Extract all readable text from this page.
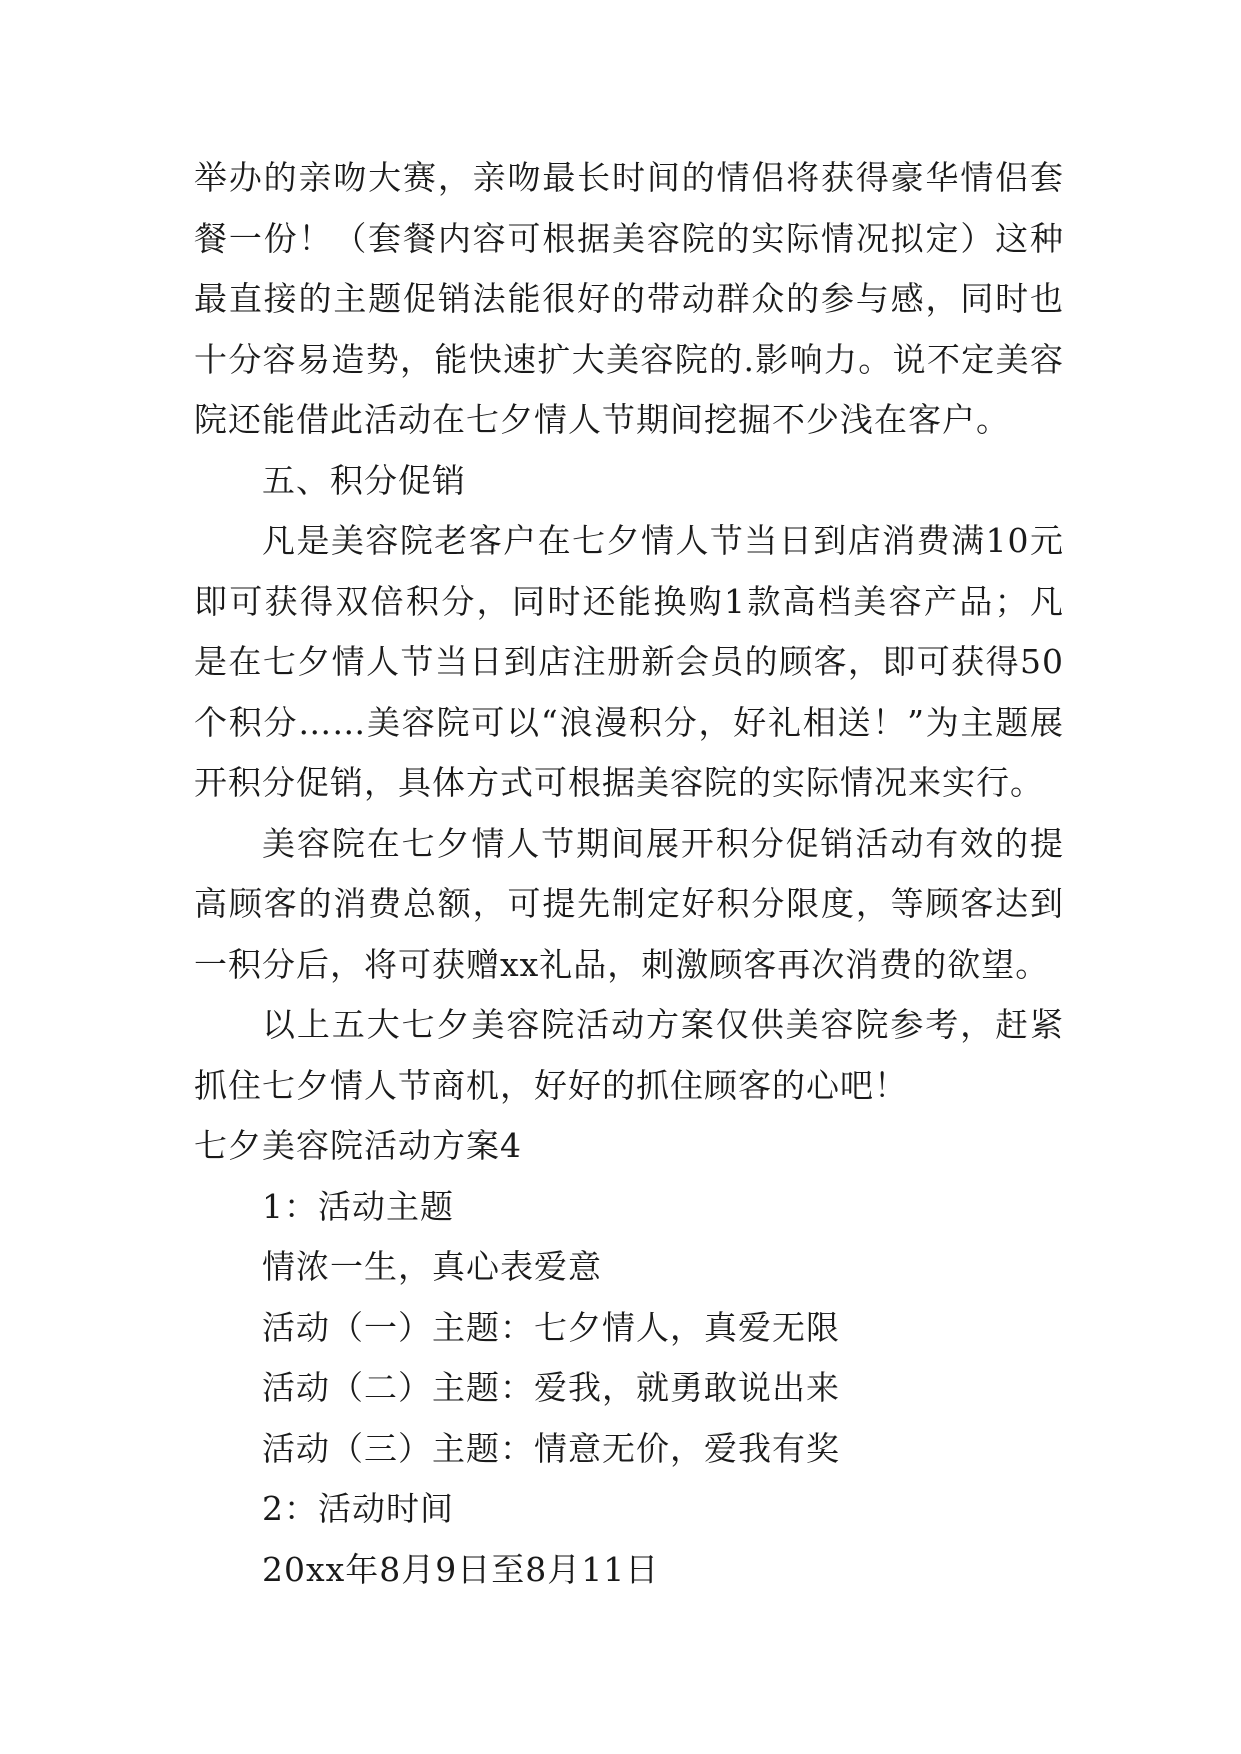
举办的亲吻大赛，亲吻最长时间的情侣将获得豪华情侣套餐一份！（套餐内容可根据美容院的实际情况拟定）这种最直接的主题促销法能很好的带动群众的参与感，同时也十分容易造势，能快速扩大美容院的.影响力。说不定美容院还能借此活动在七夕情人节期间挖掘不少浅在客户。

五、积分促销

凡是美容院老客户在七夕情人节当日到店消费满10元即可获得双倍积分，同时还能换购1款高档美容产品；凡是在七夕情人节当日到店注册新会员的顾客，即可获得50个积分……美容院可以“浪漫积分，好礼相送！”为主题展开积分促销，具体方式可根据美容院的实际情况来实行。

美容院在七夕情人节期间展开积分促销活动有效的提高顾客的消费总额，可提先制定好积分限度，等顾客达到一积分后，将可获赠xx礼品，刺激顾客再次消费的欲望。

以上五大七夕美容院活动方案仅供美容院参考，赶紧抓住七夕情人节商机，好好的抓住顾客的心吧！

七夕美容院活动方案4

1：活动主题

情浓一生，真心表爱意

活动（一）主题：七夕情人，真爱无限

活动（二）主题：爱我，就勇敢说出来

活动（三）主题：情意无价，爱我有奖

2：活动时间

20xx年8月9日至8月11日
